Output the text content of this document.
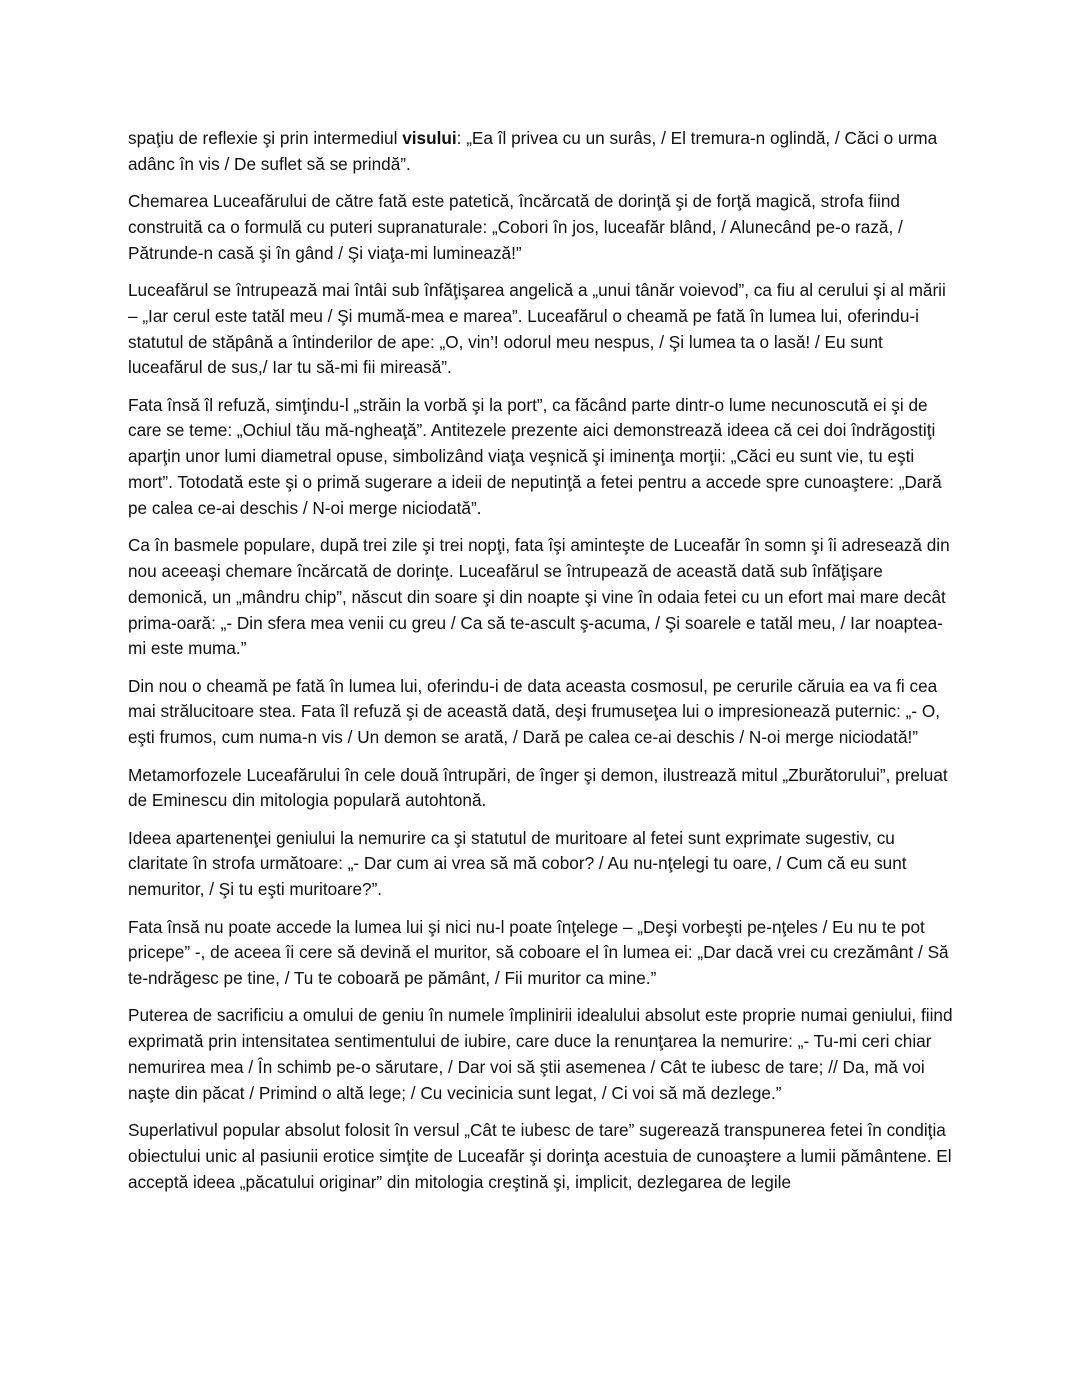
spaţiu de reflexie şi prin intermediul visului: „Ea îl privea cu un surâs, / El tremura-n oglindă, / Căci o urma adânc în vis / De suflet să se prindă”.

Chemarea Luceafărului de către fată este patetică, încărcată de dorinţă şi de forţă magică, strofa fiind construită ca o formulă cu puteri supranaturale: „Cobori în jos, luceafăr blând, / Alunecând pe-o rază, / Pătrunde-n casă şi în gând / Şi viaţa-mi luminează!”

Luceafărul se întrupează mai întâi sub înfăţişarea angelică a „unui tânăr voievod”, ca fiu al cerului şi al mării – „Iar cerul este tatăl meu / Şi mumă-mea e marea”. Luceafărul o cheamă pe fată în lumea lui, oferindu-i statutul de stăpână a întinderilor de ape: „O, vin’! odorul meu nespus, / Şi lumea ta o lasă! / Eu sunt luceafărul de sus,/ Iar tu să-mi fii mireasă”.

Fata însă îl refuză, simţindu-l „străin la vorbă şi la port”, ca făcând parte dintr-o lume necunoscută ei şi de care se teme: „Ochiul tău mă-ngheaţă”. Antitezele prezente aici demonstrează ideea că cei doi îndrăgostiţi aparţin unor lumi diametral opuse, simbolizând viaţa veşnică şi iminenţa morţii: „Căci eu sunt vie, tu eşti mort”. Totodată este şi o primă sugerare a ideii de neputinţă a fetei pentru a accede spre cunoaştere: „Dară pe calea ce-ai deschis / N-oi merge niciodată”.

Ca în basmele populare, după trei zile şi trei nopţi, fata îşi aminteşte de Luceafăr în somn şi îi adresează din nou aceeaşi chemare încărcată de dorinţe. Luceafărul se întrupează de această dată sub înfăţişare demonică, un „mândru chip”, născut din soare şi din noapte şi vine în odaia fetei cu un efort mai mare decât prima-oară: „- Din sfera mea venii cu greu / Ca să te-ascult ş-acuma, / Şi soarele e tatăl meu, / Iar noaptea-mi este muma.”

Din nou o cheamă pe fată în lumea lui, oferindu-i de data aceasta cosmosul, pe cerurile căruia ea va fi cea mai strălucitoare stea. Fata îl refuză şi de această dată, deşi frumuseţea lui o impresionează puternic: „- O, eşti frumos, cum numa-n vis / Un demon se arată, / Dară pe calea ce-ai deschis / N-oi merge niciodată!”

Metamorfozele Luceafărului în cele două întrupări, de înger şi demon, ilustrează mitul „Zburătorului”, preluat de Eminescu din mitologia populară autohtonă.

Ideea apartenenţei geniului la nemurire ca şi statutul de muritoare al fetei sunt exprimate sugestiv, cu claritate în strofa următoare: „- Dar cum ai vrea să mă cobor? / Au nu-nţelegi tu oare, / Cum că eu sunt nemuritor, / Şi tu eşti muritoare?”.

Fata însă nu poate accede la lumea lui şi nici nu-l poate înţelege – „Deşi vorbeşti pe-nţeles / Eu nu te pot pricepe” -, de aceea îi cere să devină el muritor, să coboare el în lumea ei: „Dar dacă vrei cu crezământ / Să te-ndrăgesc pe tine, / Tu te coboară pe pământ, / Fii muritor ca mine.”

Puterea de sacrificiu a omului de geniu în numele împlinirii idealului absolut este proprie numai geniului, fiind exprimată prin intensitatea sentimentului de iubire, care duce la renunţarea la nemurire: „- Tu-mi ceri chiar nemurirea mea / În schimb pe-o sărutare, / Dar voi să ştii asemenea / Cât te iubesc de tare; // Da, mă voi naşte din păcat / Primind o altă lege; / Cu vecinicia sunt legat, / Ci voi să mă dezlege.”

Superlativul popular absolut folosit în versul „Cât te iubesc de tare” sugerează transpunerea fetei în condiţia obiectului unic al pasiunii erotice simţite de Luceafăr şi dorinţa acestuia de cunoaştere a lumii pământene. El acceptă ideea „păcatului originar” din mitologia creştină şi, implicit, dezlegarea de legile
